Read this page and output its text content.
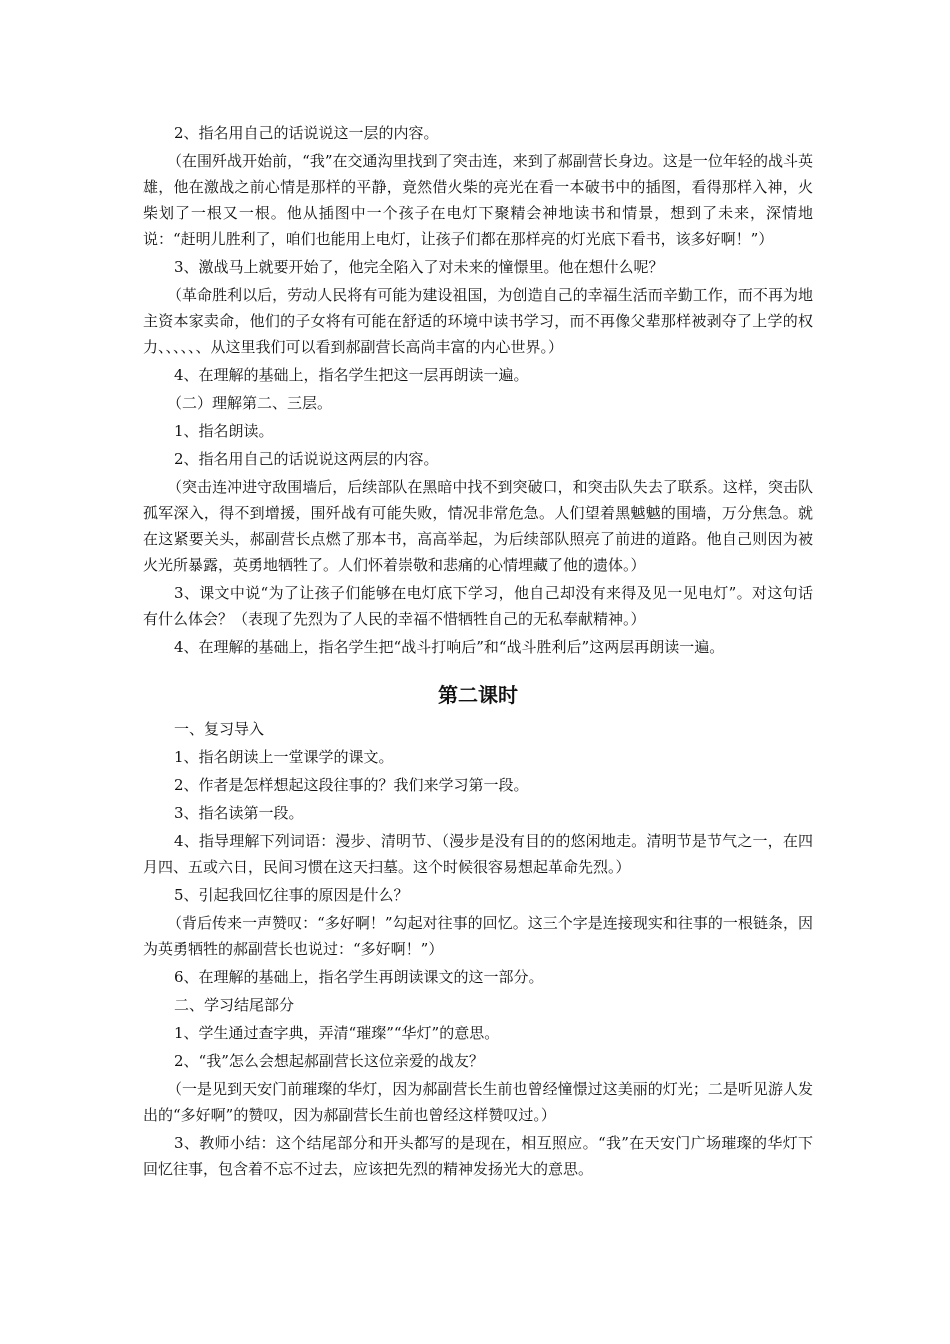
2、指名用自己的话说说这一层的内容。

（在围歼战开始前，“我”在交通沟里找到了突击连，来到了郝副营长身边。这是一位年轻的战斗英雄，他在激战之前心情是那样的平静，竟然借火柴的亮光在看一本破书中的插图，看得那样入神，火柴划了一根又一根。他从插图中一个孩子在电灯下聚精会神地读书和情景，想到了未来，深情地说：“赶明儿胜利了，咱们也能用上电灯，让孩子们都在那样亮的灯光底下看书，该多好啊！”）

3、激战马上就要开始了，他完全陷入了对未来的憧憬里。他在想什么呢？

（革命胜利以后，劳动人民将有可能为建设祖国，为创造自己的幸福生活而辛勤工作，而不再为地主资本家卖命，他们的子女将有可能在舒适的环境中读书学习，而不再像父辈那样被剥夺了上学的权力、、、、、、从这里我们可以看到郝副营长高尚丰富的内心世界。）

4、在理解的基础上，指名学生把这一层再朗读一遍。

（二）理解第二、三层。

1、指名朗读。

2、指名用自己的话说说这两层的内容。

（突击连冲进守敌围墙后，后续部队在黑暗中找不到突破口，和突击队失去了联系。这样，突击队孤军深入，得不到增援，围歼战有可能失败，情况非常危急。人们望着黑魆魆的围墙，万分焦急。就在这紧要关头，郝副营长点燃了那本书，高高举起，为后续部队照亮了前进的道路。他自己则因为被火光所暴露，英勇地牺牲了。人们怀着崇敬和悲痛的心情埋藏了他的遗体。）

3、课文中说“为了让孩子们能够在电灯底下学习，他自己却没有来得及见一见电灯”。对这句话有什么体会？（表现了先烈为了人民的幸福不惜牺牲自己的无私奉献精神。）

4、在理解的基础上，指名学生把“战斗打响后”和“战斗胜利后”这两层再朗读一遍。

第二课时

一、复习导入

1、指名朗读上一堂课学的课文。

2、作者是怎样想起这段往事的？我们来学习第一段。

3、指名读第一段。

4、指导理解下列词语：漫步、清明节、（漫步是没有目的的悠闲地走。清明节是节气之一，在四月四、五或六日，民间习惯在这天扫墓。这个时候很容易想起革命先烈。）

5、引起我回忆往事的原因是什么？

（背后传来一声赞叹：“多好啊！”勾起对往事的回忆。这三个字是连接现实和往事的一根链条，因为英勇牺牲的郝副营长也说过：“多好啊！”）

6、在理解的基础上，指名学生再朗读课文的这一部分。

二、学习结尾部分

1、学生通过查字典，弄清“璀璨”“华灯”的意思。

2、“我”怎么会想起郝副营长这位亲爱的战友？

（一是见到天安门前璀璨的华灯，因为郝副营长生前也曾经憧憬过这美丽的灯光；二是听见游人发出的“多好啊”的赞叹，因为郝副营长生前也曾经这样赞叹过。）

3、教师小结：这个结尾部分和开头都写的是现在，相互照应。“我”在天安门广场璀璨的华灯下回忆往事，包含着不忘不过去，应该把先烈的精神发扬光大的意思。
